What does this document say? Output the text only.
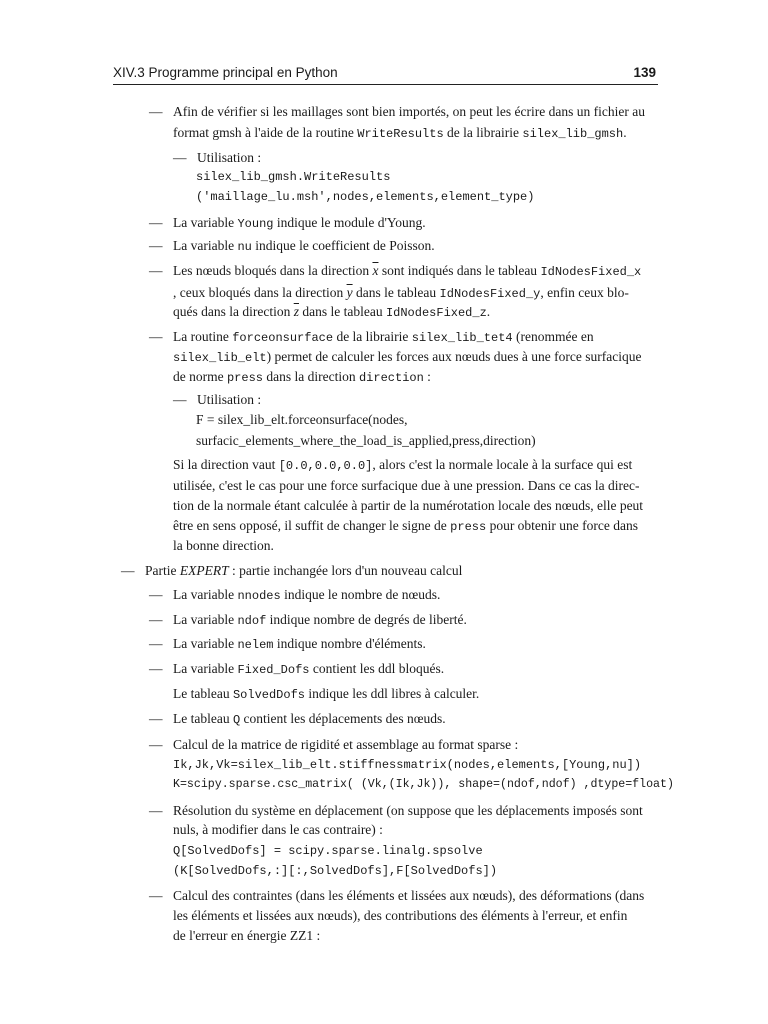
XIV.3 Programme principal en Python	139
— Afin de vérifier si les maillages sont bien importés, on peut les écrire dans un fichier au
format gmsh à l'aide de la routine WriteResults de la librairie silex_lib_gmsh.
— Utilisation :
silex_lib_gmsh.WriteResults
('maillage_lu.msh',nodes,elements,element_type)
— La variable Young indique le module d'Young.
— La variable nu indique le coefficient de Poisson.
— Les nœuds bloqués dans la direction $\overline{x}$ sont indiqués dans le tableau IdNodesFixed_x
, ceux bloqués dans la direction $\overline{y}$ dans le tableau IdNodesFixed_y, enfin ceux blo-
qués dans la direction $\overline{z}$ dans le tableau IdNodesFixed_z.
— La routine forceonsurface de la librairie silex_lib_tet4 (renommée en
silex_lib_elt) permet de calculer les forces aux nœuds dues à une force surfacique
de norme press dans la direction direction :
— Utilisation :
F = silex_lib_elt.forceonsurface(nodes,
surfacic_elements_where_the_load_is_applied,press,direction)
Si la direction vaut [0.0,0.0,0.0], alors c'est la normale locale à la surface qui est
utilisée, c'est le cas pour une force surfacique due à une pression. Dans ce cas la direc-
tion de la normale étant calculée à partir de la numérotation locale des nœuds, elle peut
être en sens opposé, il suffit de changer le signe de press pour obtenir une force dans
la bonne direction.
— Partie EXPERT : partie inchangée lors d'un nouveau calcul
— La variable nnodes indique le nombre de nœuds.
— La variable ndof indique nombre de degrés de liberté.
— La variable nelem indique nombre d'éléments.
— La variable Fixed_Dofs contient les ddl bloqués.
Le tableau SolvedDofs indique les ddl libres à calculer.
— Le tableau Q contient les déplacements des nœuds.
— Calcul de la matrice de rigidité et assemblage au format sparse :
Ik,Jk,Vk=silex_lib_elt.stiffnessmatrix(nodes,elements,[Young,nu])
K=scipy.sparse.csc_matrix( (Vk,(Ik,Jk)), shape=(ndof,ndof) ,dtype=float)
— Résolution du système en déplacement (on suppose que les déplacements imposés sont
nuls, à modifier dans le cas contraire) :
Q[SolvedDofs] = scipy.sparse.linalg.spsolve
(K[SolvedDofs,:][:,SolvedDofs],F[SolvedDofs])
— Calcul des contraintes (dans les éléments et lissées aux nœuds), des déformations (dans
les éléments et lissées aux nœuds), des contributions des éléments à l'erreur, et enfin
de l'erreur en énergie ZZ1 :
